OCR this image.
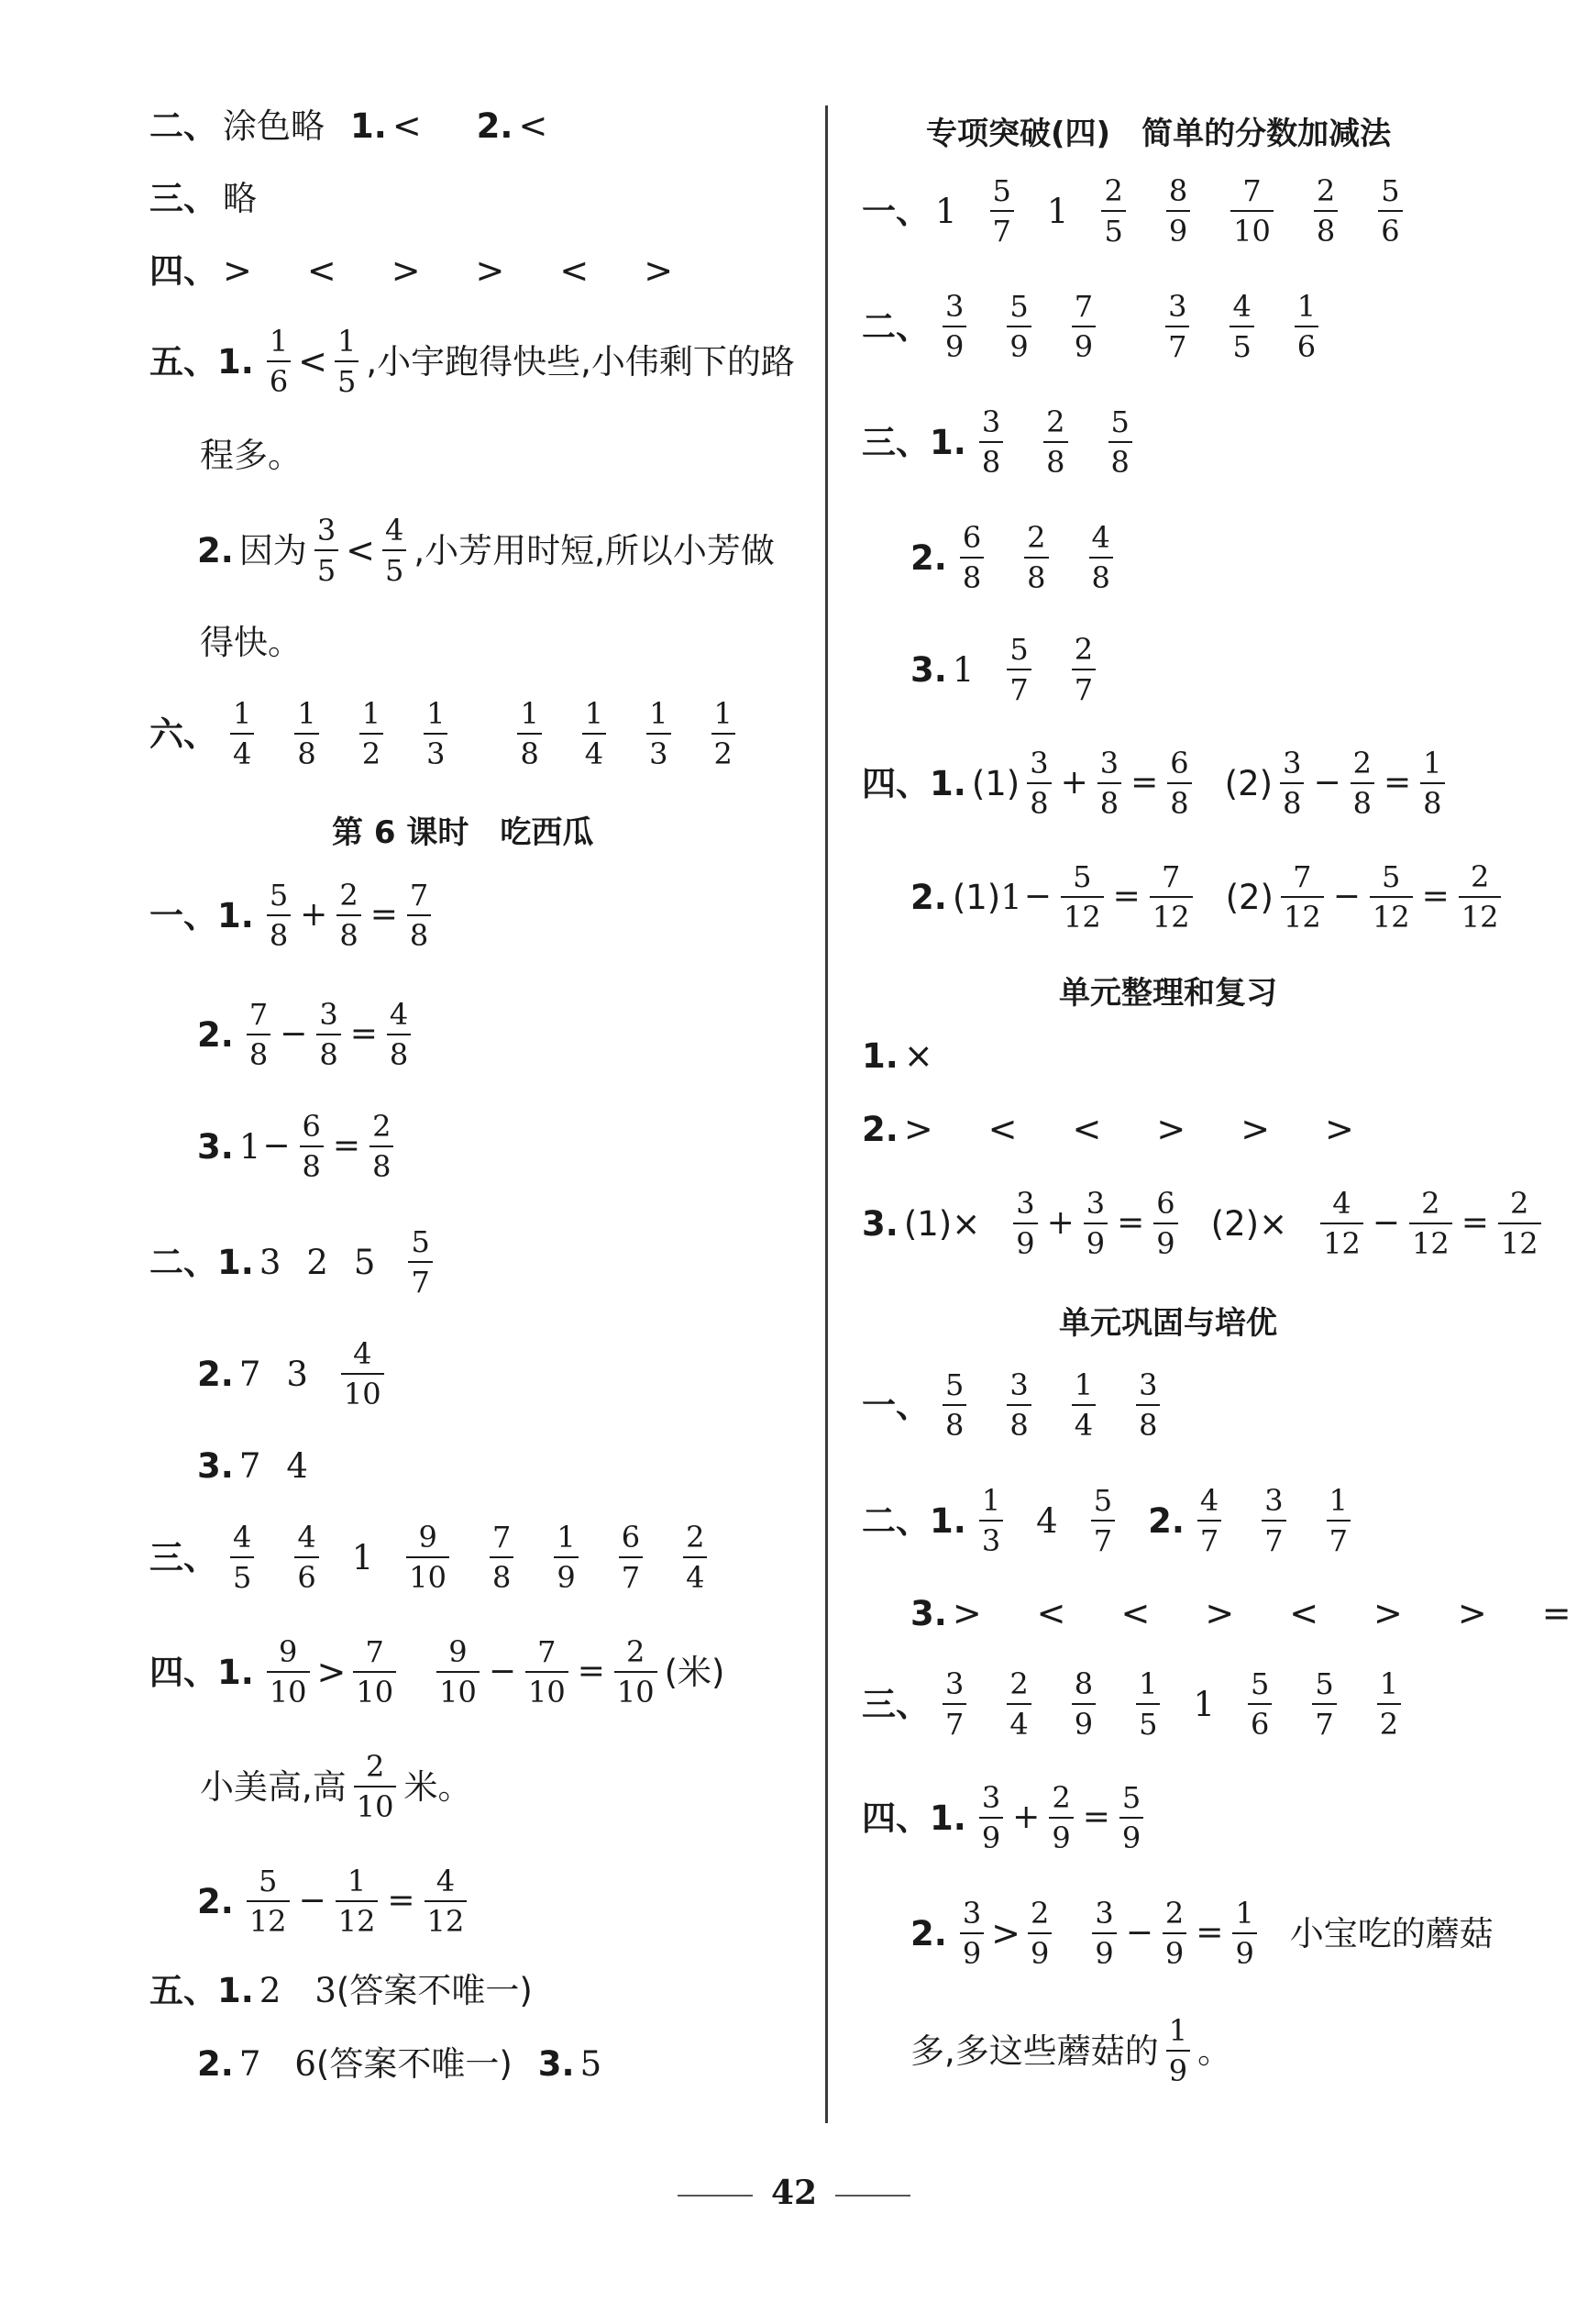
二、 涂色略 1. < 2. <
三、 略
四、 > < > > < >
五、1. $\frac{1}{6} < \frac{1}{5}$ ,小宇跑得快些,小伟剩下的路
程多。
2. 因为 $\frac{3}{5} < \frac{4}{5}$ ,小芳用时短,所以小芳做
得快。
六、 $\frac{1}{4} \frac{1}{8} \frac{1}{2} \frac{1}{3} \frac{1}{8} \frac{1}{4} \frac{1}{3} \frac{1}{2}$
第 6 课时　吃西瓜
一、1. $\frac{5}{8} + \frac{2}{8} = \frac{7}{8}$
2. $\frac{7}{8} - \frac{3}{8} = \frac{4}{8}$
3. $1 - \frac{6}{8} = \frac{2}{8}$
二、1. 3 2 $5 \frac{5}{7}$
2. 7 $3 \frac{4}{10}$
3. 7 4
三、 $\frac{4}{5} \frac{4}{6} 1 \frac{9}{10} \frac{7}{8} \frac{1}{9} \frac{6}{7} \frac{2}{4}$
四、1. $\frac{9}{10} > \frac{7}{10} \frac{9}{10} - \frac{7}{10} = \frac{2}{10}$ (米)
小美高,高 $\frac{2}{10}$ 米。
2. $\frac{5}{12} - \frac{1}{12} = \frac{4}{12}$
五、1. 2　3 (答案不唯一)
2. 7　6 (答案不唯一) 3. 5
专项突破(四)　简单的分数加减法
一、 $1 \frac{5}{7} 1 \frac{2}{5} \frac{8}{9} \frac{7}{10} \frac{2}{8} \frac{5}{6}$
二、 $\frac{3}{9} \frac{5}{9} \frac{7}{9} \frac{3}{7} \frac{4}{5} \frac{1}{6}$
三、1. $\frac{3}{8} \frac{2}{8} \frac{5}{8}$
2. $\frac{6}{8} \frac{2}{8} \frac{4}{8}$
3. $1 \frac{5}{7} \frac{2}{7}$
四、1. $(1) \frac{3}{8} + \frac{3}{8} = \frac{6}{8} (2) \frac{3}{8} - \frac{2}{8} = \frac{1}{8}$
2. (1) $1 - \frac{5}{12} = \frac{7}{12} (2) \frac{7}{12} - \frac{5}{12} = \frac{2}{12}$
单元整理和复习
1. ×
2. > < < > > >
3. $(1)\times \frac{3}{9} + \frac{3}{9} = \frac{6}{9} (2)\times \frac{4}{12} - \frac{2}{12} = \frac{2}{12}$
单元巩固与培优
一、 $\frac{5}{8} \frac{3}{8} \frac{1}{4} \frac{3}{8}$
二、1. $\frac{1}{3} 4 \frac{5}{7} 2$. $\frac{4}{7} \frac{3}{7} \frac{1}{7}$
3. > < < > < > > =
三、 $\frac{3}{7} \frac{2}{4} \frac{8}{9} \frac{1}{5} 1 \frac{5}{6} \frac{5}{7} \frac{1}{2}$
四、1. $\frac{3}{9} + \frac{2}{9} = \frac{5}{9}$
2. $\frac{3}{9} > \frac{2}{9} \frac{3}{9} - \frac{2}{9} = \frac{1}{9}$ 小宝吃的蘑菇
多,多这些蘑菇的 $\frac{1}{9}$ 。
42
